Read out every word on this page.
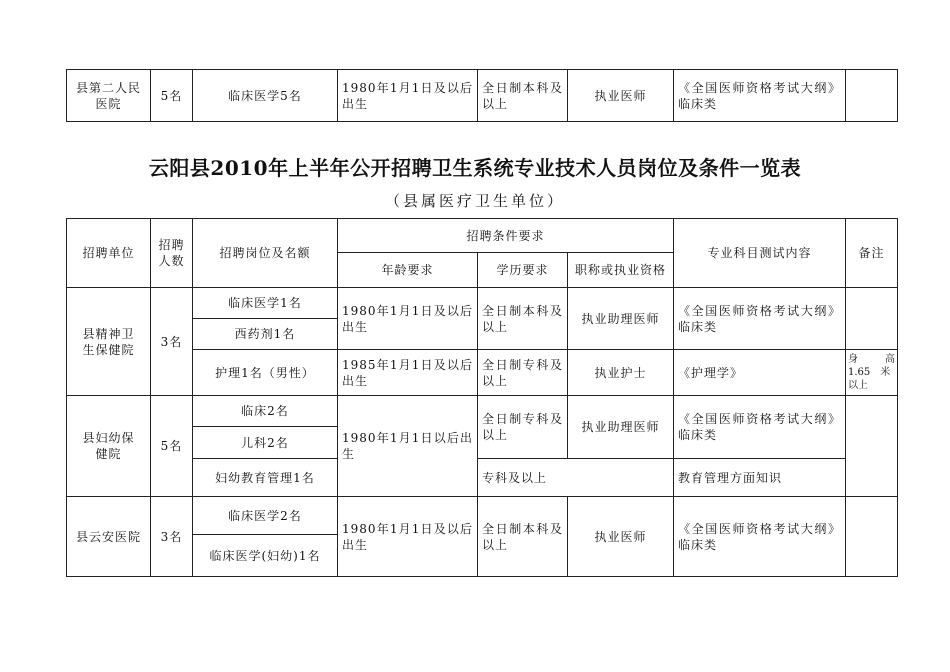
县第二人民医院	5名	临床医学5名	1980年1月1日及以后出生	全日制本科及以上	执业医师	《全国医师资格考试大纲》临床类	
云阳县2010年上半年公开招聘卫生系统专业技术人员岗位及条件一览表
（县属医疗卫生单位）
招聘单位	招聘人数	招聘岗位及名额	招聘条件要求			专业科目测试内容	备注
			年龄要求	学历要求	职称或执业资格		
县精神卫生保健院	3名	临床医学1名	1980年1月1日及以后出生	全日制本科及以上	执业助理医师	《全国医师资格考试大纲》临床类	
		西药剂1名					
		护理1名（男性）	1985年1月1日及以后出生	全日制专科及以上	执业护士	《护理学》	身 高
1.65　米
以上

县妇幼保健院	5名	临床2名	1980年1月1日以后出生	全日制专科及以上	执业助理医师	《全国医师资格考试大纲》临床类	
		儿科2名					
		妇幼教育管理1名		专科及以上		教育管理方面知识	
县云安医院	3名	临床医学2名	1980年1月1日及以后出生	全日制本科及以上	执业医师	《全国医师资格考试大纲》临床类	
		临床医学(妇幼)1名					
